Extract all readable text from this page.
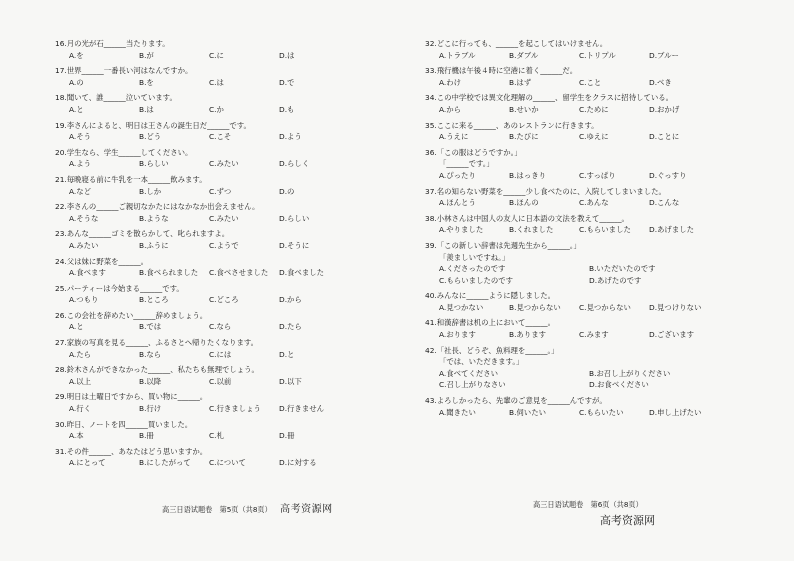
16.月の光が石______当たります。
A.を	B.が	C.に	D.は
17.世界______一番長い河はなんですか。
A.の	B.を	C.は	D.で
18.聞いて、誰______泣いています。
A.と	B.は	C.か	D.も
19.李さんによると、明日は王さんの誕生日だ______です。
A.そう	B.どう	C.こそ	D.よう
20.学生なら、学生______してください。
A.よう	B.らしい	C.みたい	D.らしく
21.毎晩寝る前に牛乳を一本______飲みます。
A.など	B.しか	C.ずつ	D.の
22.李さんの______ご親切なかたにはなかなか出会えません。
A.そうな	B.ような	C.みたい	D.らしい
23.あんな______ゴミを散らかして、叱られますよ。
A.みたい	B.ふうに	C.ようで	D.そうに
24.父は妹に野菜を______。
A.食べます	B.食べられました	C.食べさせました	D.食べました
25.パーティーは今始まる______です。
A.つもり	B.ところ	C.どころ	D.から
26.この会社を辞めたい______辞めましょう。
A.と	B.では	C.なら	D.たら
27.家族の写真を見る______、ふるさとへ帰りたくなります。
A.たら	B.なら	C.には	D.と
28.鈴木さんができなかった______、私たちも無理でしょう。
A.以上	B.以降	C.以前	D.以下
29.明日は土曜日ですから、買い物に______。
A.行く	B.行け	C.行きましょう	D.行きません
30.昨日、ノートを四______買いました。
A.本	B.冊	C.札	D.冊
31.その件______、あなたはどう思いますか。
A.にとって	B.にしたがって	C.について	D.に対する
32.どこに行っても、______を起こしてはいけません。
A.トラブル	B.ダブル	C.トリプル	D.ブルー
33.飛行機は午後４時に空港に着く______だ。
A.わけ	B.はず	C.こと	D.べき
34.この中学校では異文化理解の______、留学生をクラスに招待している。
A.から	B.せいか	C.ために	D.おかげ
35.ここに来る______、あのレストランに行きます。
A.うえに	B.たびに	C.ゆえに	D.ことに
36.「この服はどうですか。」
「______です。」
A.ぴったり	B.はっきり	C.すっぱり	D.ぐっすり
37.名の知らない野菜を______少し食べたのに、入院してしまいました。
A.ほんとう	B.ほんの	C.あんな	D.こんな
38.小林さんは中国人の友人に日本語の文法を教えて______。
A.やりました	B.くれました	C.もらいました	D.あげました
39.「この新しい辞書は先週先生から______。」
「羨ましいですね。」
A.くださったのです	B.いただいたのです
C.もらいましたのです	D.あげたのです
40.みんなに______ように隠しました。
A.見つかない	B.見つからない	C.見つからない	D.見つけりない
41.和漢辞書は机の上において______。
A.おります	B.あります	C.みます	D.ございます
42.「社長、どうぞ、魚料理を______。」
「では、いただきます。」
A.食べてください	B.お召し上がりください
C.召し上がりなさい	D.お食べください
43.よろしかったら、先輩のご意見を______んですが。
A.聞きたい	B.伺いたい	C.もらいたい	D.申し上げたい
高三日语试题卷　第5页（共8页） 高考资源网	高三日语试题卷　第6页（共8页）
高考资源网
